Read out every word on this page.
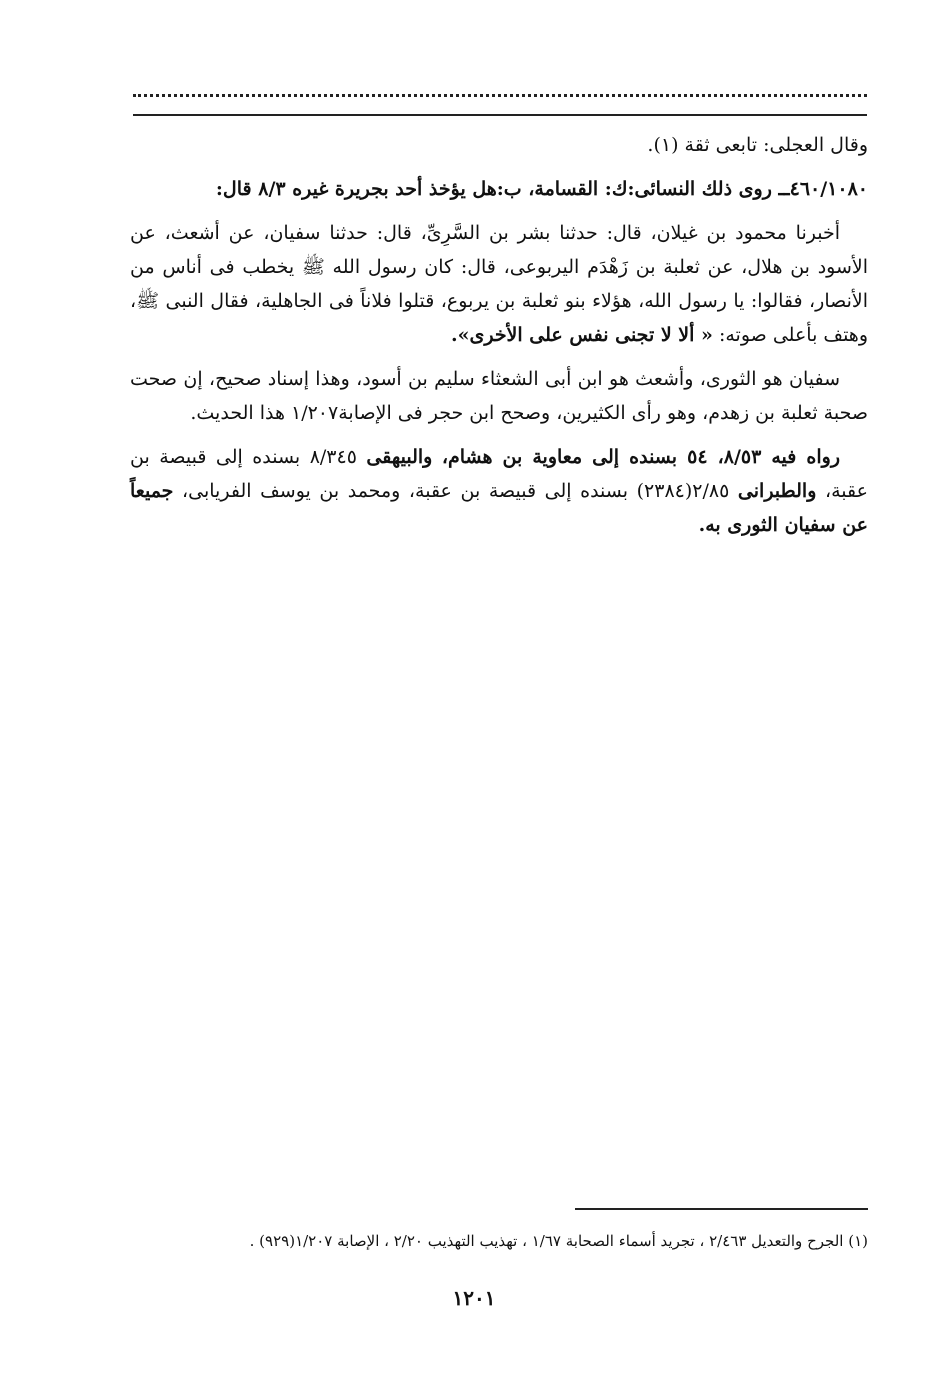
وقال العجلى: تابعى ثقة (١).

٤٦٠/١٠٨٠ــ روى ذلك النسائى:ك: القسامة، ب:هل يؤخذ أحد بجريرة غيره ٨/٣ قال:

أخبرنا محمود بن غيلان، قال: حدثنا بشر بن السَّرِىِّ، قال: حدثنا سفيان، عن أشعث، عن الأسود بن هلال، عن ثعلبة بن زَهْدَم اليربوعى، قال: كان رسول الله ﷺ يخطب فى أناس من الأنصار، فقالوا: يا رسول الله، هؤلاء بنو ثعلبة بن يربوع، قتلوا فلاناً فى الجاهلية، فقال النبى ﷺ، وهتف بأعلى صوته: « ألا لا تجنى نفس على الأخرى».

سفيان هو الثورى، وأشعث هو ابن أبى الشعثاء سليم بن أسود، وهذا إسناد صحيح، إن صحت صحبة ثعلبة بن زهدم، وهو رأى الكثيرين، وصحح ابن حجر فى الإصابة١/٢٠٧ هذا الحديث.

رواه فيه ٨/٥٣، ٥٤ بسنده إلى معاوية بن هشام، والبيهقى ٨/٣٤٥ بسنده إلى قبيصة بن عقبة، والطبرانى ٢/٨٥(٢٣٨٤) بسنده إلى قبيصة بن عقبة، ومحمد بن يوسف الفريابى، جميعاً عن سفيان الثورى به.

(١) الجرح والتعديل ٢/٤٦٣ ، تجريد أسماء الصحابة ١/٦٧ ، تهذيب التهذيب ٢/٢٠ ، الإصابة ١/٢٠٧(٩٢٩) .
١٢٠١
